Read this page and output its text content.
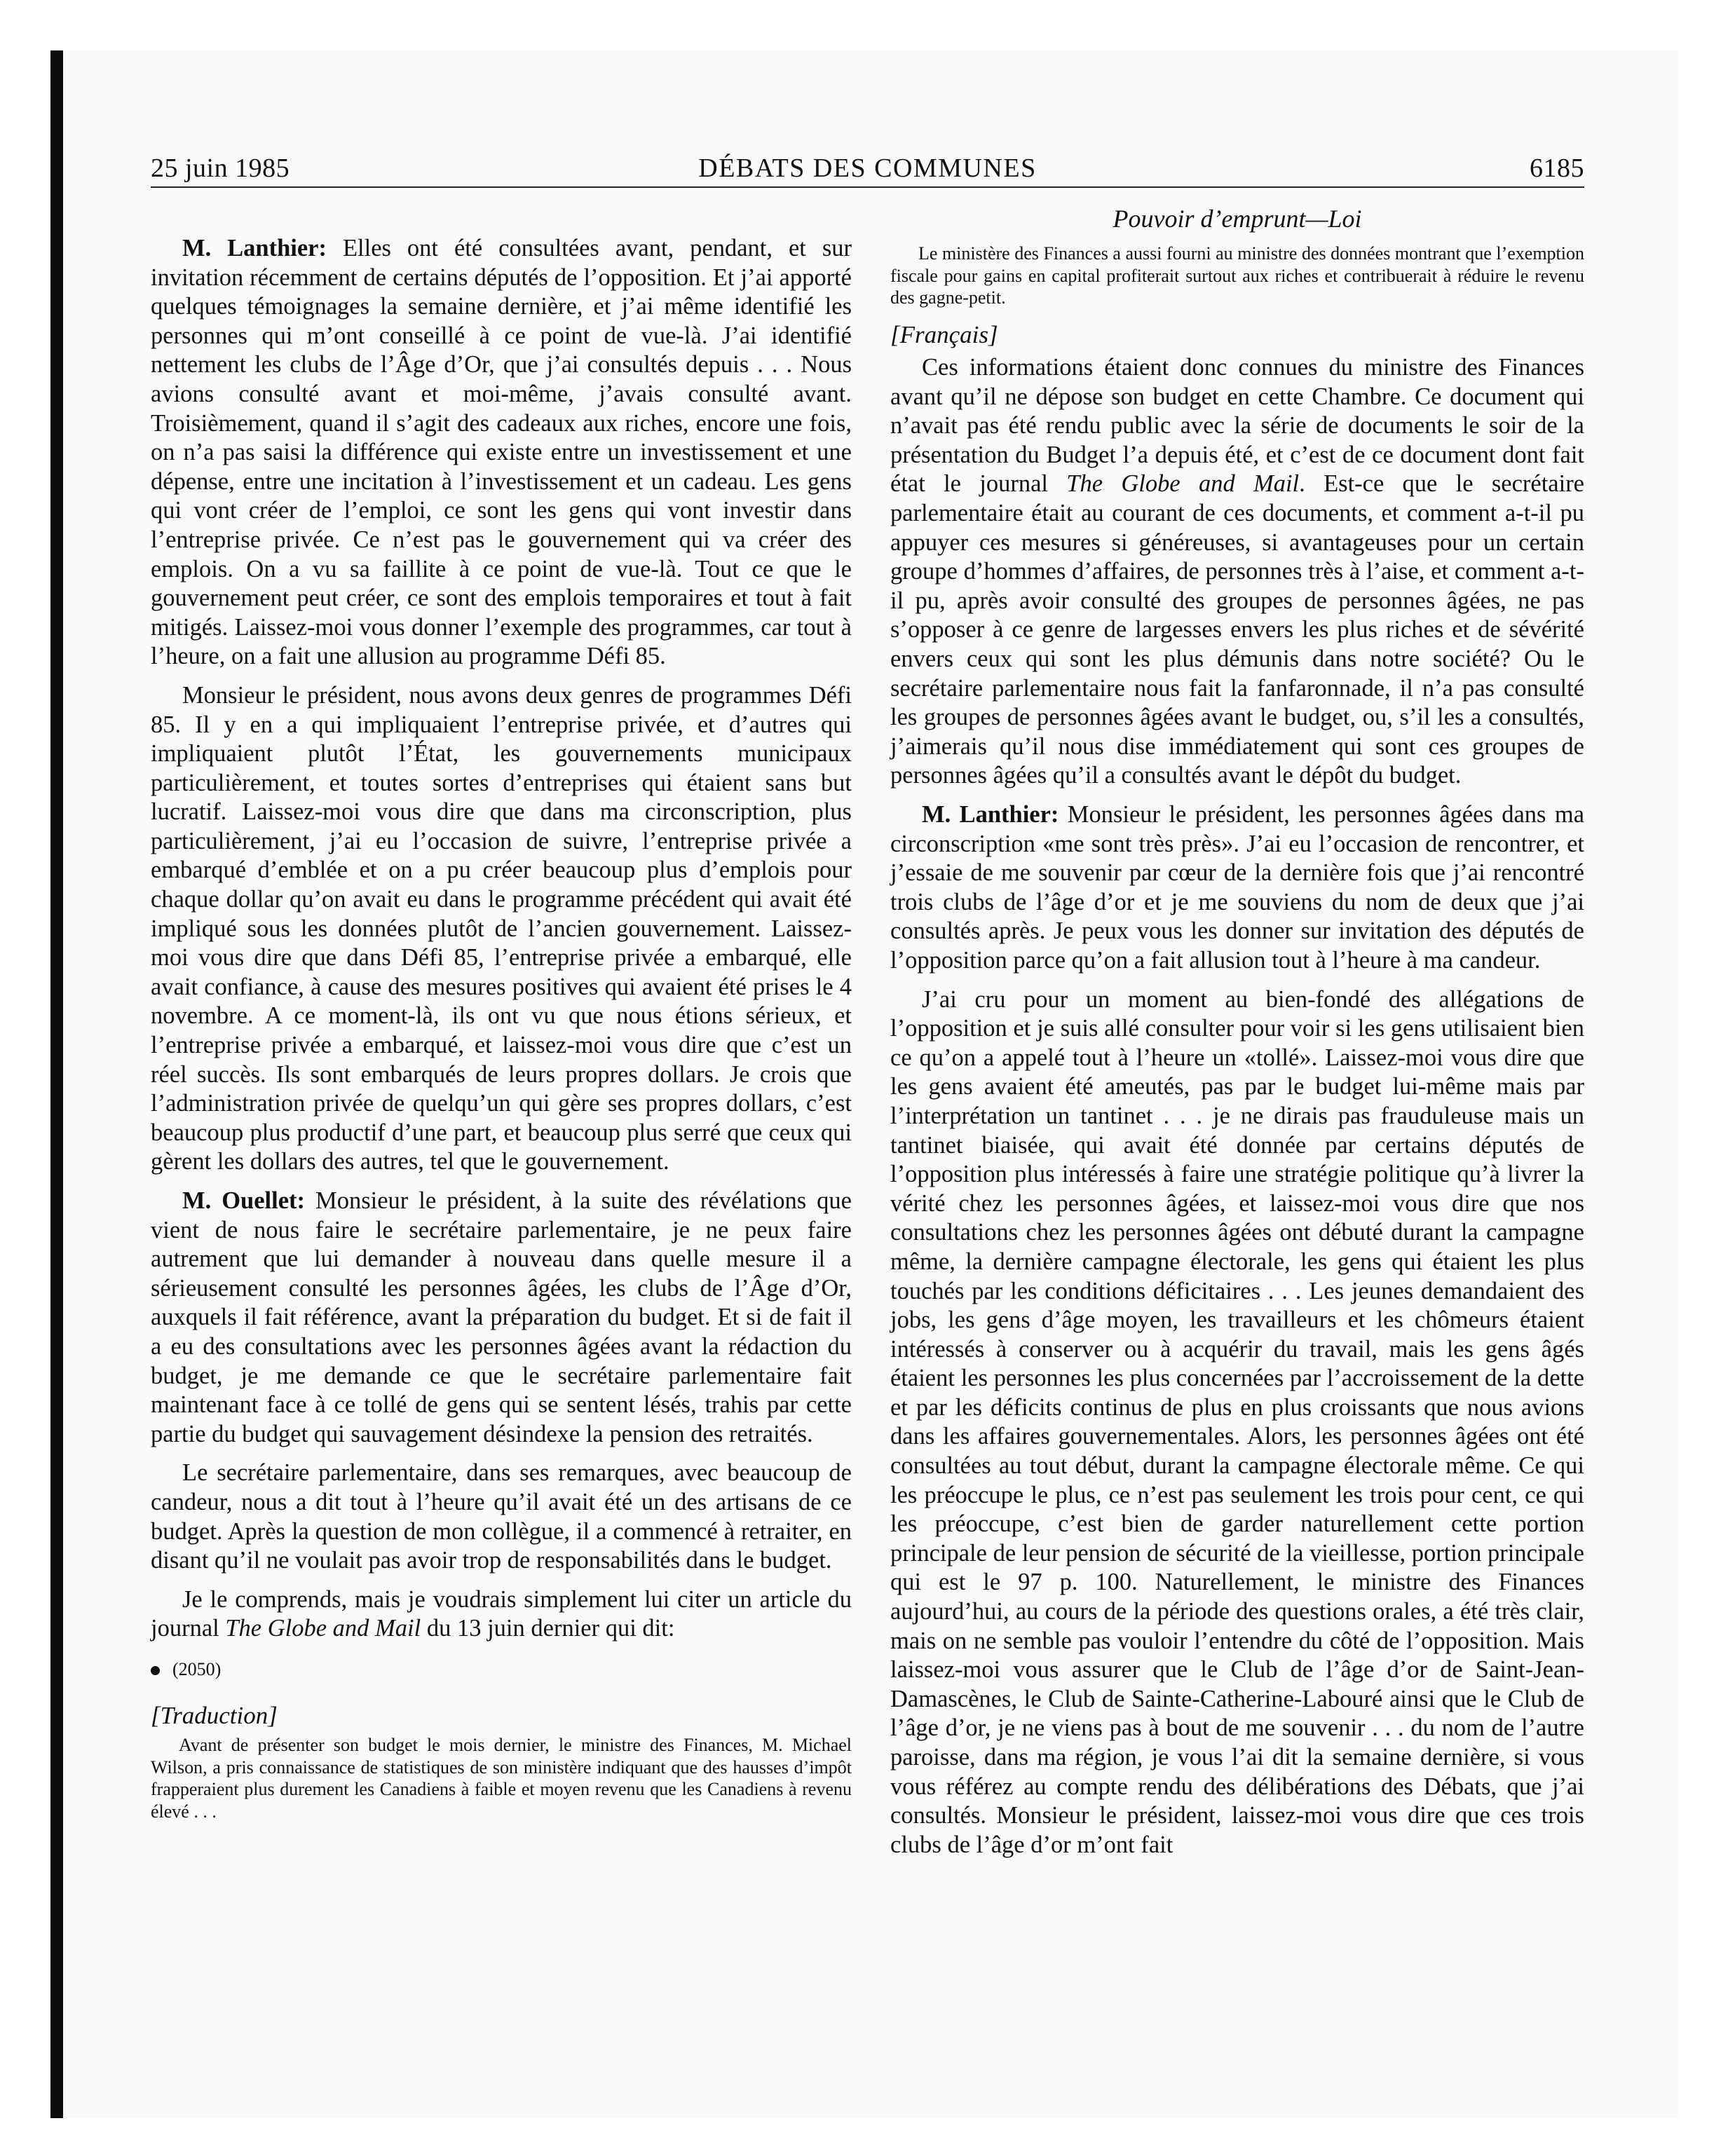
25 juin 1985	DÉBATS DES COMMUNES	6185

M. Lanthier: Elles ont été consultées avant, pendant, et sur invitation récemment de certains députés de l’opposition. Et j’ai apporté quelques témoignages la semaine dernière, et j’ai même identifié les personnes qui m’ont conseillé à ce point de vue-là. J’ai identifié nettement les clubs de l’Âge d’Or, que j’ai consultés depuis . . . Nous avions consulté avant et moi-même, j’avais consulté avant. Troisièmement, quand il s’agit des cadeaux aux riches, encore une fois, on n’a pas saisi la différence qui existe entre un investissement et une dépense, entre une incitation à l’investissement et un cadeau. Les gens qui vont créer de l’emploi, ce sont les gens qui vont investir dans l’entreprise privée. Ce n’est pas le gouvernement qui va créer des emplois. On a vu sa faillite à ce point de vue-là. Tout ce que le gouvernement peut créer, ce sont des emplois temporaires et tout à fait mitigés. Laissez-moi vous donner l’exemple des programmes, car tout à l’heure, on a fait une allusion au programme Défi 85.

Monsieur le président, nous avons deux genres de programmes Défi 85. Il y en a qui impliquaient l’entreprise privée, et d’autres qui impliquaient plutôt l’État, les gouvernements municipaux particulièrement, et toutes sortes d’entreprises qui étaient sans but lucratif. Laissez-moi vous dire que dans ma circonscription, plus particulièrement, j’ai eu l’occasion de suivre, l’entreprise privée a embarqué d’emblée et on a pu créer beaucoup plus d’emplois pour chaque dollar qu’on avait eu dans le programme précédent qui avait été impliqué sous les données plutôt de l’ancien gouvernement. Laissez-moi vous dire que dans Défi 85, l’entreprise privée a embarqué, elle avait confiance, à cause des mesures positives qui avaient été prises le 4 novembre. A ce moment-là, ils ont vu que nous étions sérieux, et l’entreprise privée a embarqué, et laissez-moi vous dire que c’est un réel succès. Ils sont embarqués de leurs propres dollars. Je crois que l’administration privée de quelqu’un qui gère ses propres dollars, c’est beaucoup plus productif d’une part, et beaucoup plus serré que ceux qui gèrent les dollars des autres, tel que le gouvernement.

M. Ouellet: Monsieur le président, à la suite des révélations que vient de nous faire le secrétaire parlementaire, je ne peux faire autrement que lui demander à nouveau dans quelle mesure il a sérieusement consulté les personnes âgées, les clubs de l’Âge d’Or, auxquels il fait référence, avant la préparation du budget. Et si de fait il a eu des consultations avec les personnes âgées avant la rédaction du budget, je me demande ce que le secrétaire parlementaire fait maintenant face à ce tollé de gens qui se sentent lésés, trahis par cette partie du budget qui sauvagement désindexe la pension des retraités.

Le secrétaire parlementaire, dans ses remarques, avec beaucoup de candeur, nous a dit tout à l’heure qu’il avait été un des artisans de ce budget. Après la question de mon collègue, il a commencé à retraiter, en disant qu’il ne voulait pas avoir trop de responsabilités dans le budget.

Je le comprends, mais je voudrais simplement lui citer un article du journal The Globe and Mail du 13 juin dernier qui dit:

(2050)
[Traduction]
Avant de présenter son budget le mois dernier, le ministre des Finances, M. Michael Wilson, a pris connaissance de statistiques de son ministère indiquant que des hausses d’impôt frapperaient plus durement les Canadiens à faible et moyen revenu que les Canadiens à revenu élevé . . .
Pouvoir d’emprunt—Loi
Le ministère des Finances a aussi fourni au ministre des données montrant que l’exemption fiscale pour gains en capital profiterait surtout aux riches et contribuerait à réduire le revenu des gagne-petit.
[Français]

Ces informations étaient donc connues du ministre des Finances avant qu’il ne dépose son budget en cette Chambre. Ce document qui n’avait pas été rendu public avec la série de documents le soir de la présentation du Budget l’a depuis été, et c’est de ce document dont fait état le journal The Globe and Mail. Est-ce que le secrétaire parlementaire était au courant de ces documents, et comment a-t-il pu appuyer ces mesures si généreuses, si avantageuses pour un certain groupe d’hommes d’affaires, de personnes très à l’aise, et comment a-t-il pu, après avoir consulté des groupes de personnes âgées, ne pas s’opposer à ce genre de largesses envers les plus riches et de sévérité envers ceux qui sont les plus démunis dans notre société? Ou le secrétaire parlementaire nous fait la fanfaronnade, il n’a pas consulté les groupes de personnes âgées avant le budget, ou, s’il les a consultés, j’aimerais qu’il nous dise immédiatement qui sont ces groupes de personnes âgées qu’il a consultés avant le dépôt du budget.

M. Lanthier: Monsieur le président, les personnes âgées dans ma circonscription «me sont très près». J’ai eu l’occasion de rencontrer, et j’essaie de me souvenir par cœur de la dernière fois que j’ai rencontré trois clubs de l’âge d’or et je me souviens du nom de deux que j’ai consultés après. Je peux vous les donner sur invitation des députés de l’opposition parce qu’on a fait allusion tout à l’heure à ma candeur.

J’ai cru pour un moment au bien-fondé des allégations de l’opposition et je suis allé consulter pour voir si les gens utilisaient bien ce qu’on a appelé tout à l’heure un «tollé». Laissez-moi vous dire que les gens avaient été ameutés, pas par le budget lui-même mais par l’interprétation un tantinet . . . je ne dirais pas frauduleuse mais un tantinet biaisée, qui avait été donnée par certains députés de l’opposition plus intéressés à faire une stratégie politique qu’à livrer la vérité chez les personnes âgées, et laissez-moi vous dire que nos consultations chez les personnes âgées ont débuté durant la campagne même, la dernière campagne électorale, les gens qui étaient les plus touchés par les conditions déficitaires . . . Les jeunes demandaient des jobs, les gens d’âge moyen, les travailleurs et les chômeurs étaient intéressés à conserver ou à acquérir du travail, mais les gens âgés étaient les personnes les plus concernées par l’accroissement de la dette et par les déficits continus de plus en plus croissants que nous avions dans les affaires gouvernementales. Alors, les personnes âgées ont été consultées au tout début, durant la campagne électorale même. Ce qui les préoccupe le plus, ce n’est pas seulement les trois pour cent, ce qui les préoccupe, c’est bien de garder naturellement cette portion principale de leur pension de sécurité de la vieillesse, portion principale qui est le 97 p. 100. Naturellement, le ministre des Finances aujourd’hui, au cours de la période des questions orales, a été très clair, mais on ne semble pas vouloir l’entendre du côté de l’opposition. Mais laissez-moi vous assurer que le Club de l’âge d’or de Saint-Jean-Damascènes, le Club de Sainte-Catherine-Labouré ainsi que le Club de l’âge d’or, je ne viens pas à bout de me souvenir . . . du nom de l’autre paroisse, dans ma région, je vous l’ai dit la semaine dernière, si vous vous référez au compte rendu des délibérations des Débats, que j’ai consultés. Monsieur le président, laissez-moi vous dire que ces trois clubs de l’âge d’or m’ont fait
